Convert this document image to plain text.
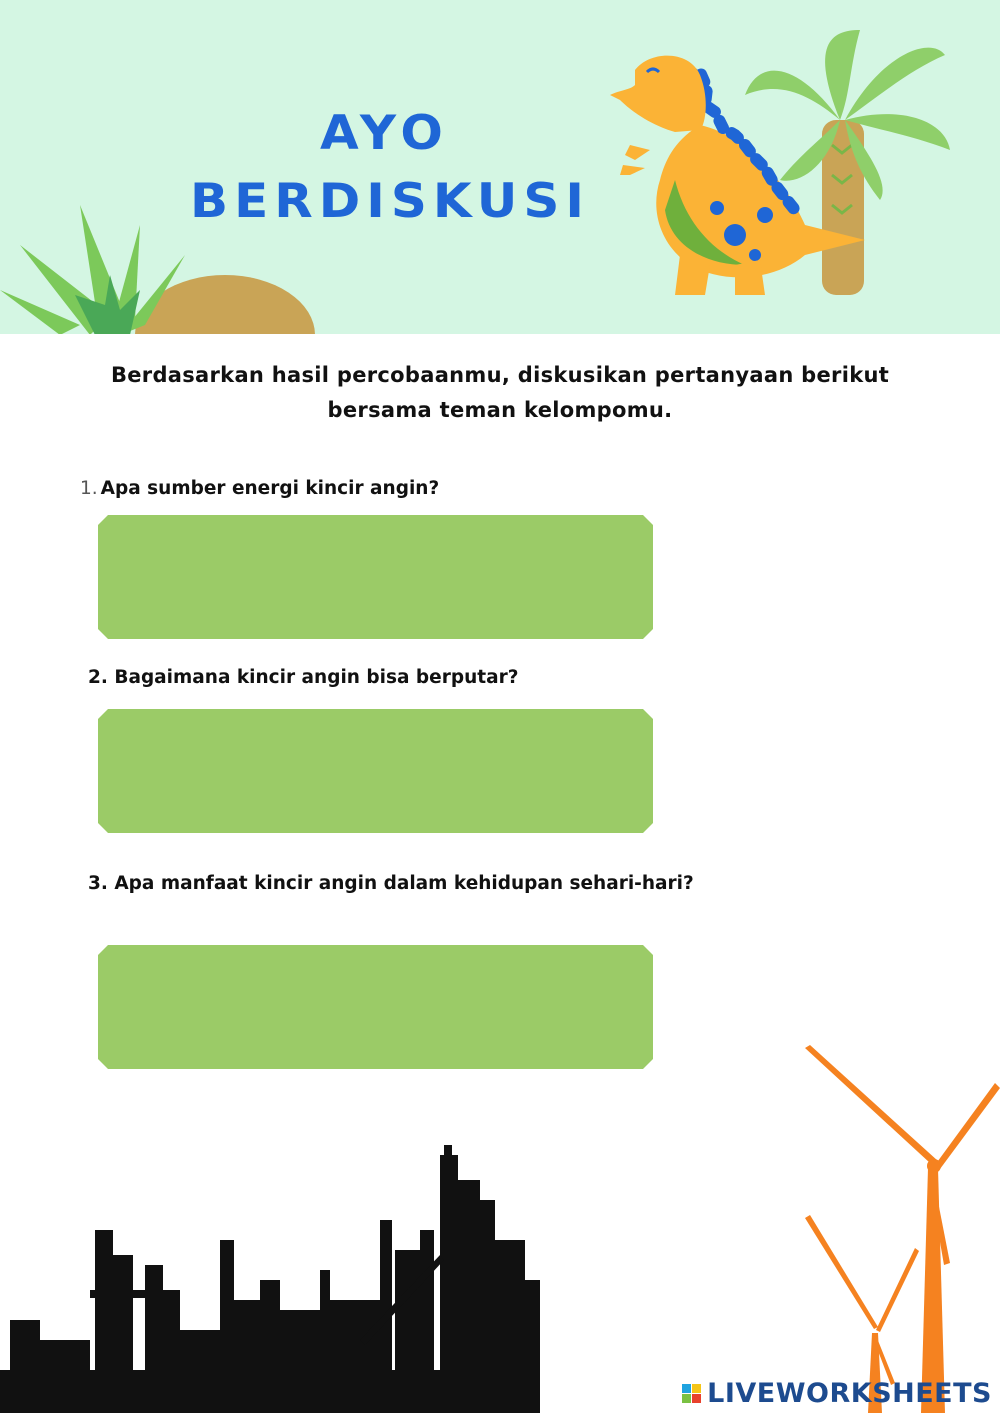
AYO
BERDISKUSI
Berdasarkan hasil percobaanmu, diskusikan pertanyaan berikut
bersama teman kelompomu.
1. Apa sumber energi kincir angin?
2. Bagaimana kincir angin bisa berputar?
3. Apa manfaat kincir angin dalam kehidupan sehari-hari?
LIVEWORKSHEETS
